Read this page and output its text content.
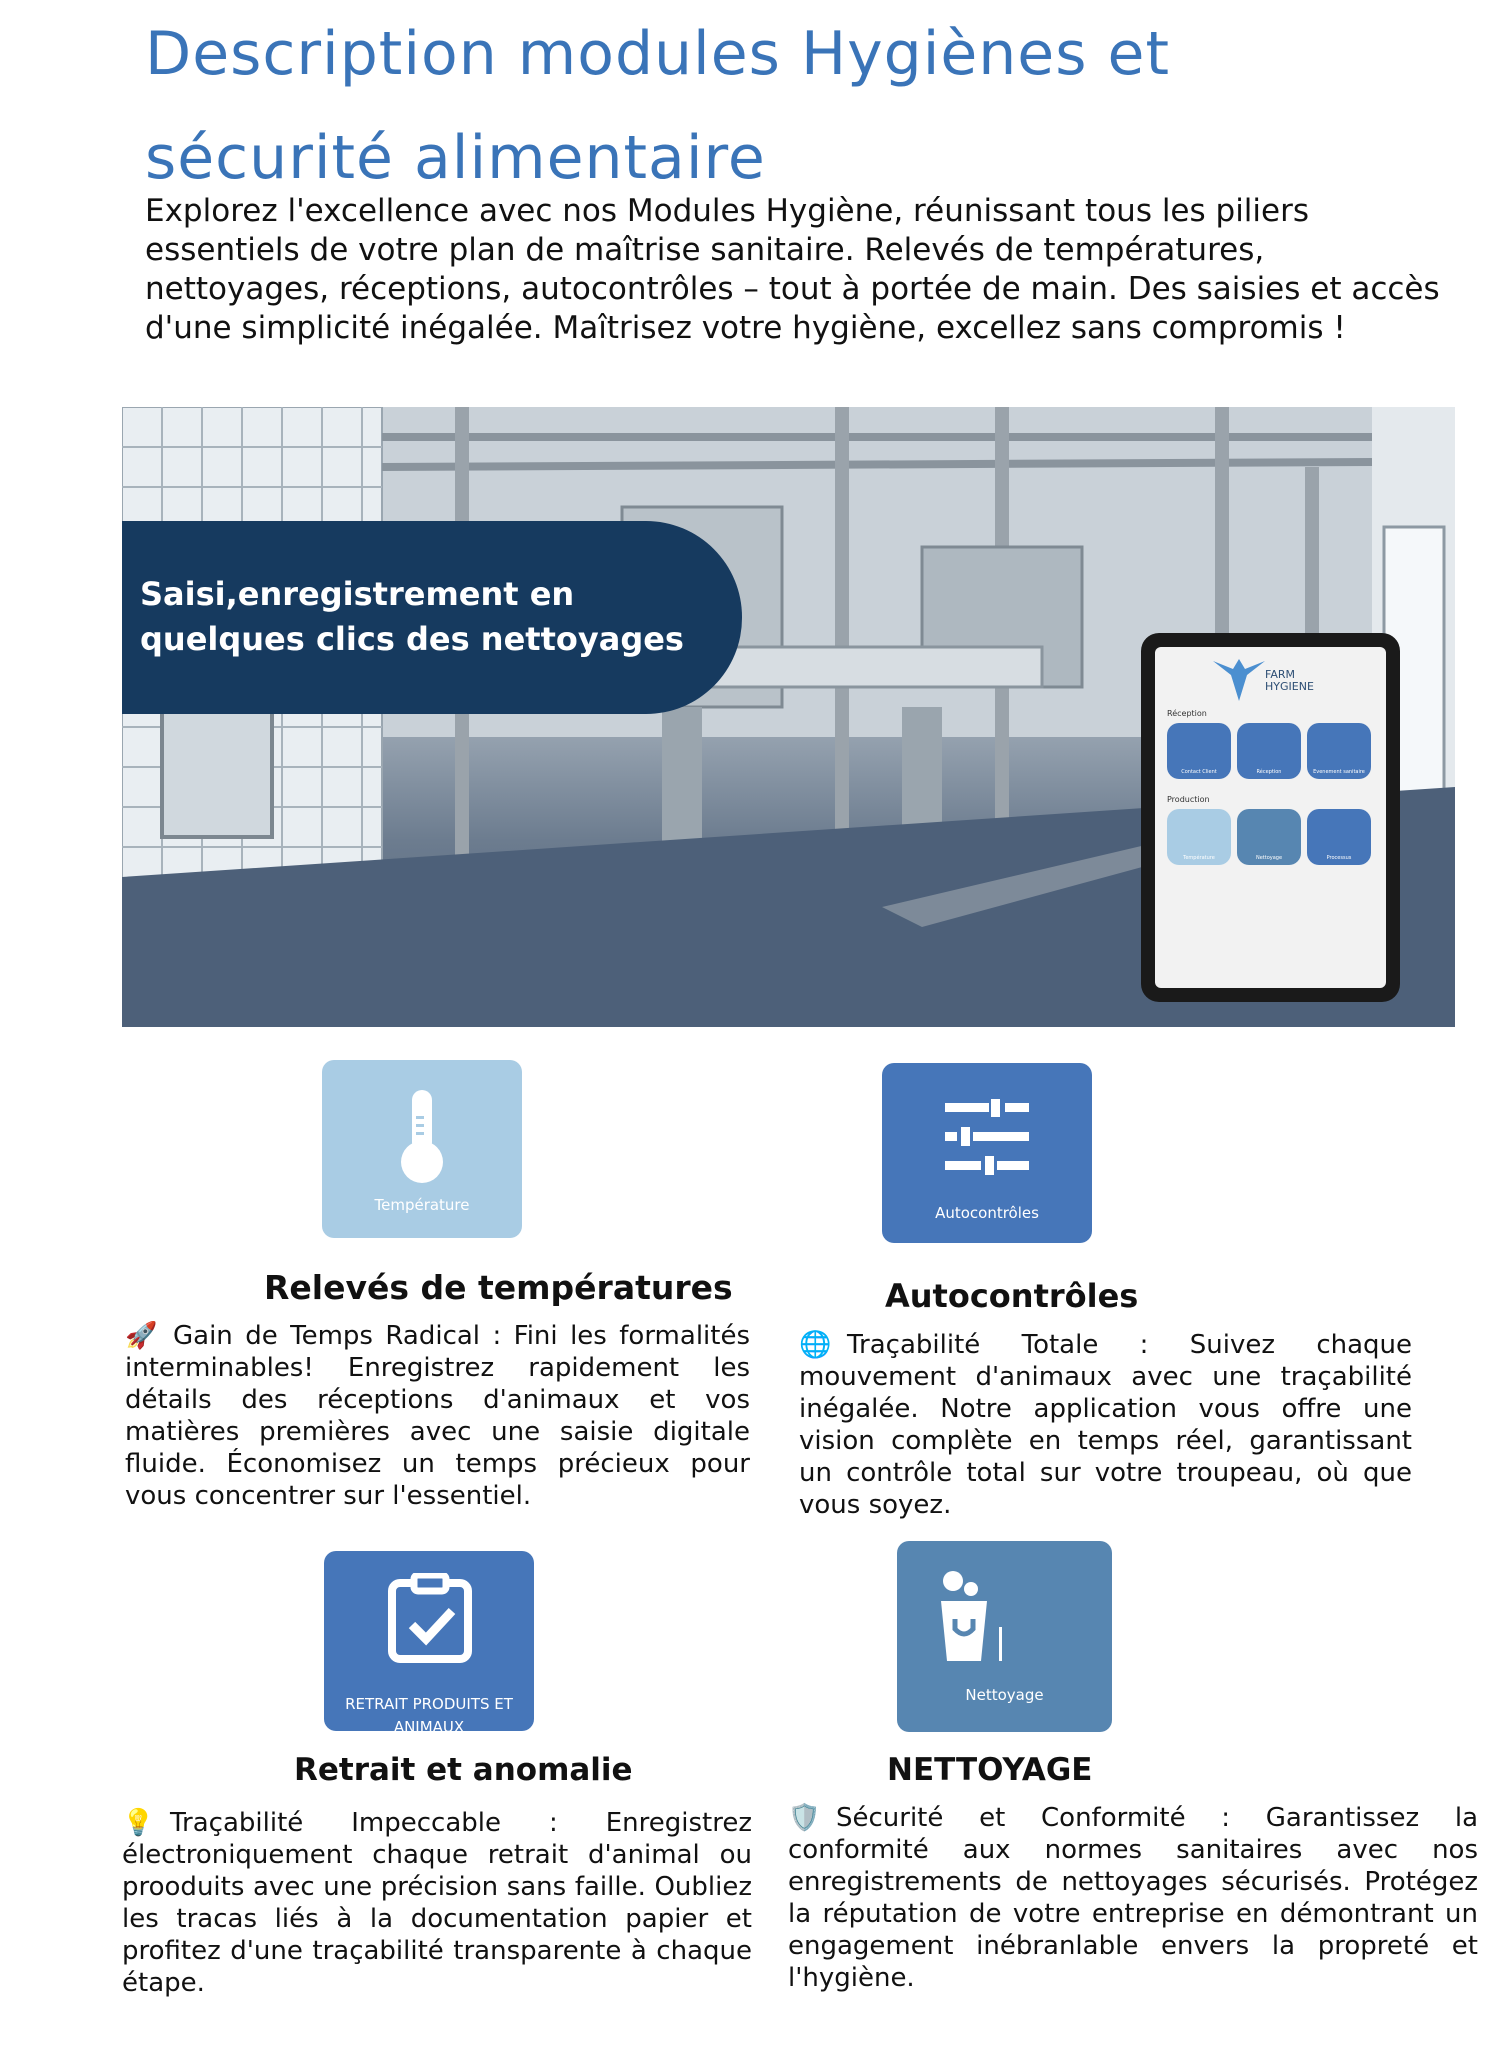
Description modules Hygiènes et
sécurité alimentaire

Explorez l'excellence avec nos Modules Hygiène, réunissant tous les piliers essentiels de votre plan de maîtrise sanitaire. Relevés de températures, nettoyages, réceptions, autocontrôles – tout à portée de main. Des saisies et accès d'une simplicité inégalée. Maîtrisez votre hygiène, excellez sans compromis !

Saisi,enregistrement en quelques clics des nettoyages
FARM HYGIENE
Réception
Production
Contact Client	Réception	Evenement sanitaire
Température	Nettoyage	Processus
Température
Relevés de températures

🚀 Gain de Temps Radical : Fini les formalités interminables! Enregistrez rapidement les détails des réceptions d'animaux et vos matières premières avec une saisie digitale fluide. Économisez un temps précieux pour vous concentrer sur l'essentiel.

Autocontrôles
Autocontrôles

🌐 Traçabilité Totale : Suivez chaque mouvement d'animaux avec une traçabilité inégalée. Notre application vous offre une vision complète en temps réel, garantissant un contrôle total sur votre troupeau, où que vous soyez.

RETRAIT PRODUITS ET ANIMAUX
Retrait et anomalie

💡 Traçabilité Impeccable : Enregistrez électroniquement chaque retrait d'animal ou prooduits avec une précision sans faille. Oubliez les tracas liés à la documentation papier et profitez d'une traçabilité transparente à chaque étape.

Nettoyage
NETTOYAGE

🛡️ Sécurité et Conformité : Garantissez la conformité aux normes sanitaires avec nos enregistrements de nettoyages sécurisés. Protégez la réputation de votre entreprise en démontrant un engagement inébranlable envers la propreté et l'hygiène.
